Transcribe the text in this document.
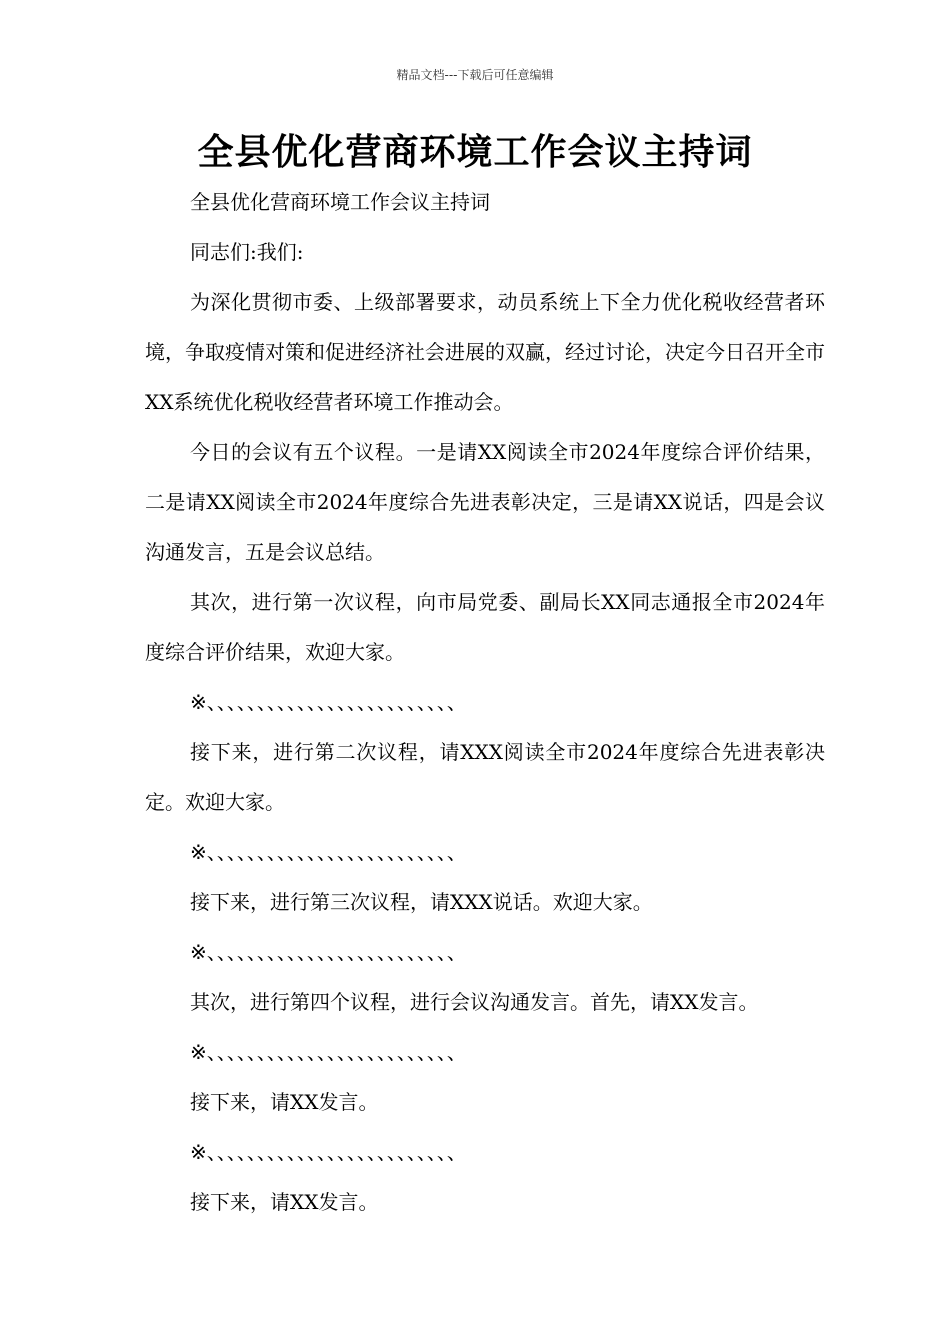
精品文档---下载后可任意编辑
全县优化营商环境工作会议主持词

全县优化营商环境工作会议主持词

同志们:我们:

为深化贯彻市委、上级部署要求，动员系统上下全力优化税收经营者环境，争取疫情对策和促进经济社会进展的双赢，经过讨论，决定今日召开全市XX系统优化税收经营者环境工作推动会。

今日的会议有五个议程。一是请XX阅读全市2024年度综合评价结果，二是请XX阅读全市2024年度综合先进表彰决定，三是请XX说话，四是会议沟通发言，五是会议总结。

其次，进行第一次议程，向市局党委、副局长XX同志通报全市2024年度综合评价结果，欢迎大家。

※、、、、、、、、、、、、、、、、、、、、、、、、、

接下来，进行第二次议程，请XXX阅读全市2024年度综合先进表彰决定。欢迎大家。

※、、、、、、、、、、、、、、、、、、、、、、、、、

接下来，进行第三次议程，请XXX说话。欢迎大家。

※、、、、、、、、、、、、、、、、、、、、、、、、、

其次，进行第四个议程，进行会议沟通发言。首先，请XX发言。

※、、、、、、、、、、、、、、、、、、、、、、、、、

接下来，请XX发言。

※、、、、、、、、、、、、、、、、、、、、、、、、、

接下来，请XX发言。
